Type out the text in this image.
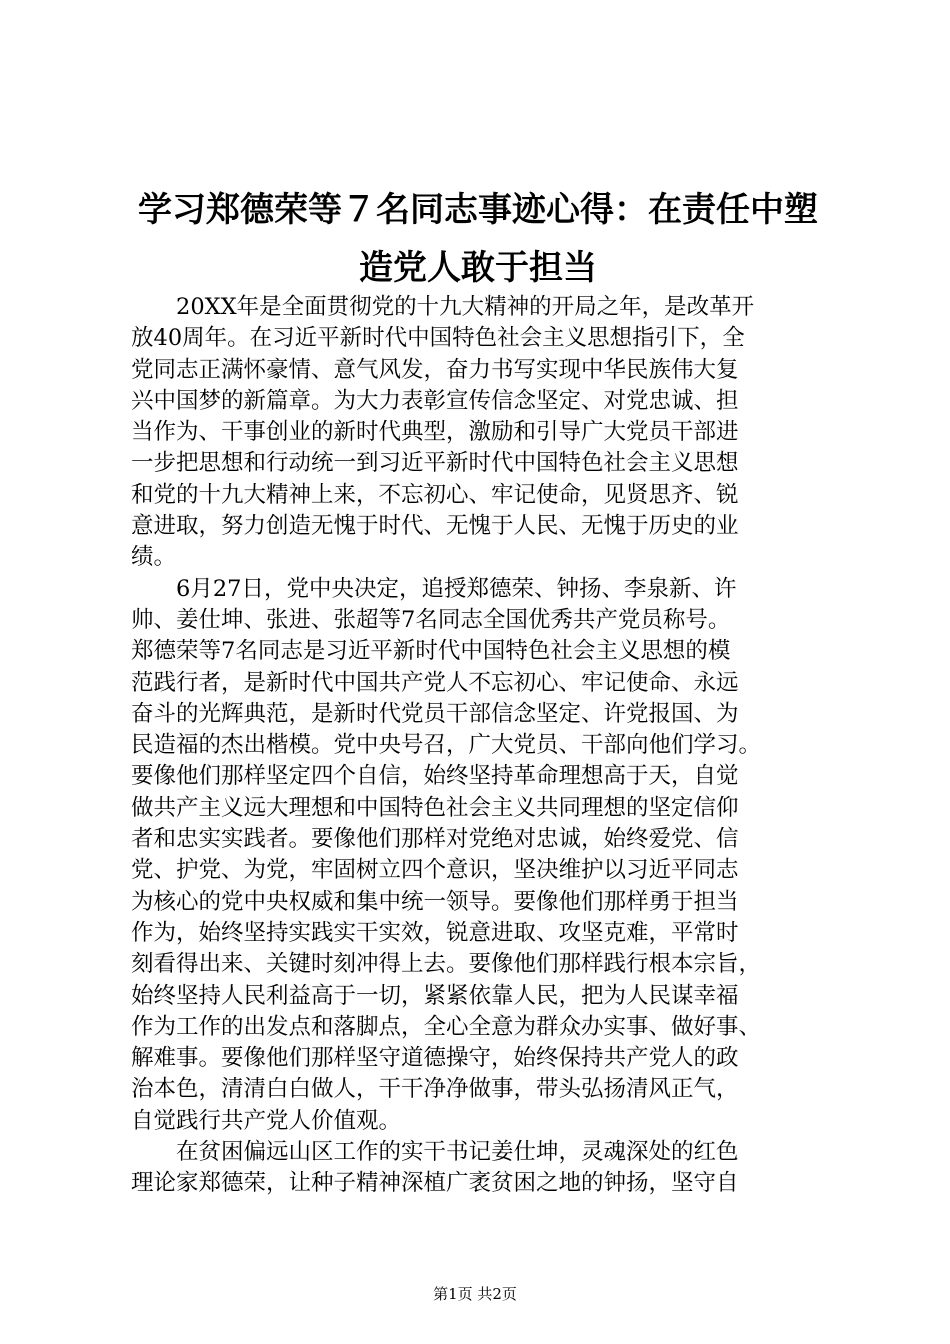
学习郑德荣等７名同志事迹心得：在责任中塑
造党人敢于担当
20XX年是全面贯彻党的十九大精神的开局之年，是改革开
放40周年。在习近平新时代中国特色社会主义思想指引下，全
党同志正满怀豪情、意气风发，奋力书写实现中华民族伟大复
兴中国梦的新篇章。为大力表彰宣传信念坚定、对党忠诚、担
当作为、干事创业的新时代典型，激励和引导广大党员干部进
一步把思想和行动统一到习近平新时代中国特色社会主义思想
和党的十九大精神上来，不忘初心、牢记使命，见贤思齐、锐
意进取，努力创造无愧于时代、无愧于人民、无愧于历史的业
绩。
6月27日，党中央决定，追授郑德荣、钟扬、李泉新、许
帅、姜仕坤、张进、张超等7名同志全国优秀共产党员称号。
郑德荣等7名同志是习近平新时代中国特色社会主义思想的模
范践行者，是新时代中国共产党人不忘初心、牢记使命、永远
奋斗的光辉典范，是新时代党员干部信念坚定、许党报国、为
民造福的杰出楷模。党中央号召，广大党员、干部向他们学习。
要像他们那样坚定四个自信，始终坚持革命理想高于天，自觉
做共产主义远大理想和中国特色社会主义共同理想的坚定信仰
者和忠实实践者。要像他们那样对党绝对忠诚，始终爱党、信
党、护党、为党，牢固树立四个意识，坚决维护以习近平同志
为核心的党中央权威和集中统一领导。要像他们那样勇于担当
作为，始终坚持实践实干实效，锐意进取、攻坚克难，平常时
刻看得出来、关键时刻冲得上去。要像他们那样践行根本宗旨，
始终坚持人民利益高于一切，紧紧依靠人民，把为人民谋幸福
作为工作的出发点和落脚点，全心全意为群众办实事、做好事、
解难事。要像他们那样坚守道德操守，始终保持共产党人的政
治本色，清清白白做人，干干净净做事，带头弘扬清风正气，
自觉践行共产党人价值观。
在贫困偏远山区工作的实干书记姜仕坤，灵魂深处的红色
理论家郑德荣，让种子精神深植广袤贫困之地的钟扬，坚守自
第1页 共2页
